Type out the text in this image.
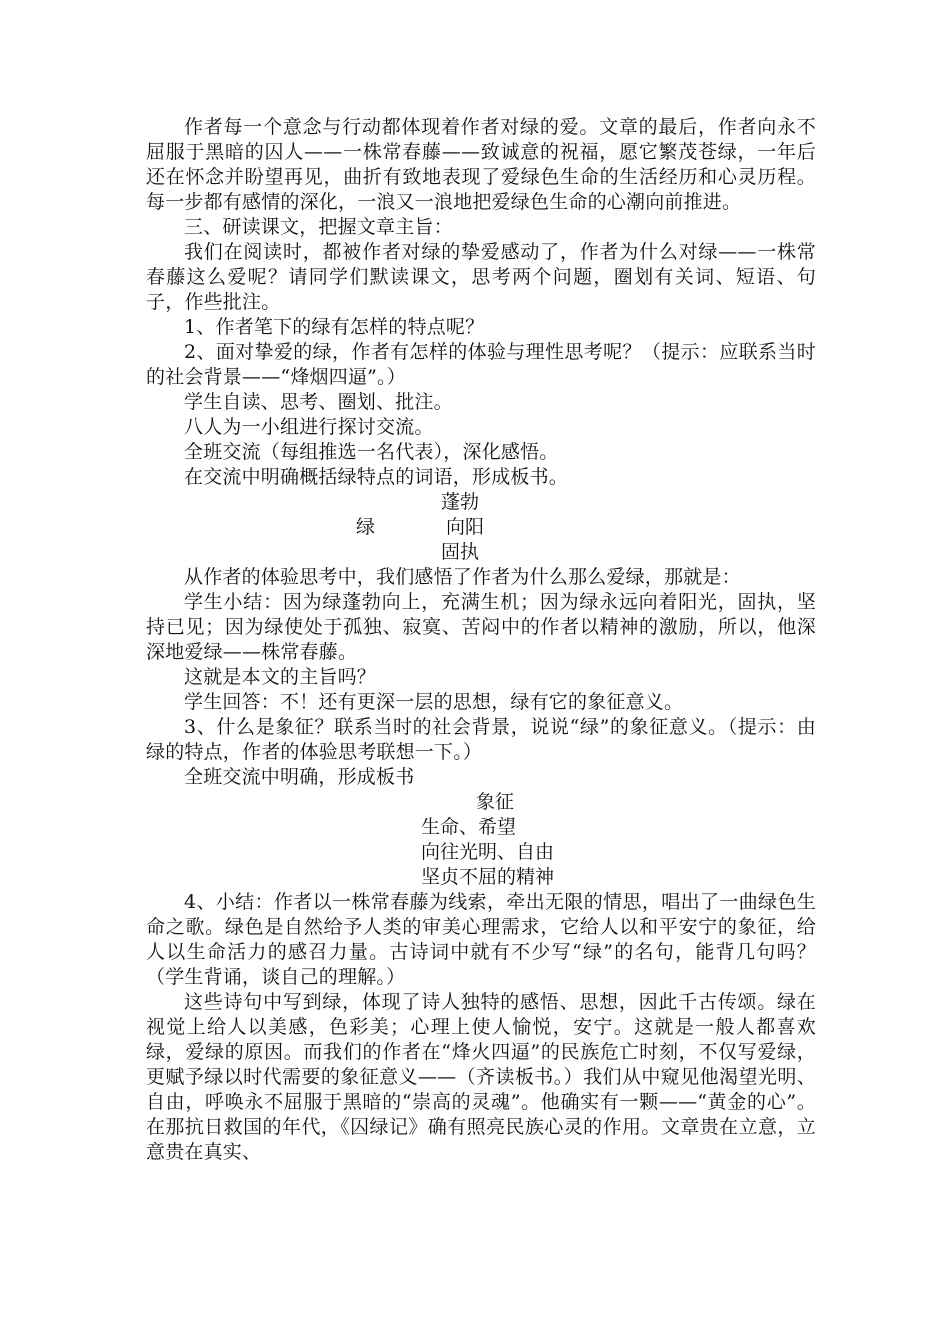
作者每一个意念与行动都体现着作者对绿的爱。文章的最后，作者向永不屈服于黑暗的囚人——一株常春藤——致诚意的祝福，愿它繁茂苍绿，一年后还在怀念并盼望再见，曲折有致地表现了爱绿色生命的生活经历和心灵历程。每一步都有感情的深化，一浪又一浪地把爱绿色生命的心潮向前推进。

三、研读课文，把握文章主旨：

我们在阅读时，都被作者对绿的挚爱感动了，作者为什么对绿——一株常春藤这么爱呢？请同学们默读课文，思考两个问题，圈划有关词、短语、句子，作些批注。

1、作者笔下的绿有怎样的特点呢？

2、面对挚爱的绿，作者有怎样的体验与理性思考呢？（提示：应联系当时的社会背景——“烽烟四逼”。）

学生自读、思考、圈划、批注。

八人为一小组进行探讨交流。

全班交流（每组推选一名代表），深化感悟。

在交流中明确概括绿特点的词语，形成板书。

蓬勃
绿	向阳
固执

从作者的体验思考中，我们感悟了作者为什么那么爱绿，那就是：

学生小结：因为绿蓬勃向上，充满生机；因为绿永远向着阳光，固执，坚持已见；因为绿使处于孤独、寂寞、苦闷中的作者以精神的激励，所以，他深深地爱绿——株常春藤。

这就是本文的主旨吗？

学生回答：不！还有更深一层的思想，绿有它的象征意义。

3、什么是象征？联系当时的社会背景，说说“绿”的象征意义。（提示：由绿的特点，作者的体验思考联想一下。）

全班交流中明确，形成板书

象征
生命、希望
向往光明、自由
坚贞不屈的精神

4、小结：作者以一株常春藤为线索，牵出无限的情思，唱出了一曲绿色生命之歌。绿色是自然给予人类的审美心理需求，它给人以和平安宁的象征，给人以生命活力的感召力量。古诗词中就有不少写“绿”的名句，能背几句吗？（学生背诵，谈自己的理解。）

这些诗句中写到绿，体现了诗人独特的感悟、思想，因此千古传颂。绿在视觉上给人以美感，色彩美；心理上使人愉悦，安宁。这就是一般人都喜欢绿，爱绿的原因。而我们的作者在“烽火四逼”的民族危亡时刻，不仅写爱绿，更赋予绿以时代需要的象征意义——（齐读板书。）我们从中窥见他渴望光明、自由，呼唤永不屈服于黑暗的“崇高的灵魂”。他确实有一颗——“黄金的心”。在那抗日救国的年代，《囚绿记》确有照亮民族心灵的作用。文章贵在立意，立意贵在真实、
